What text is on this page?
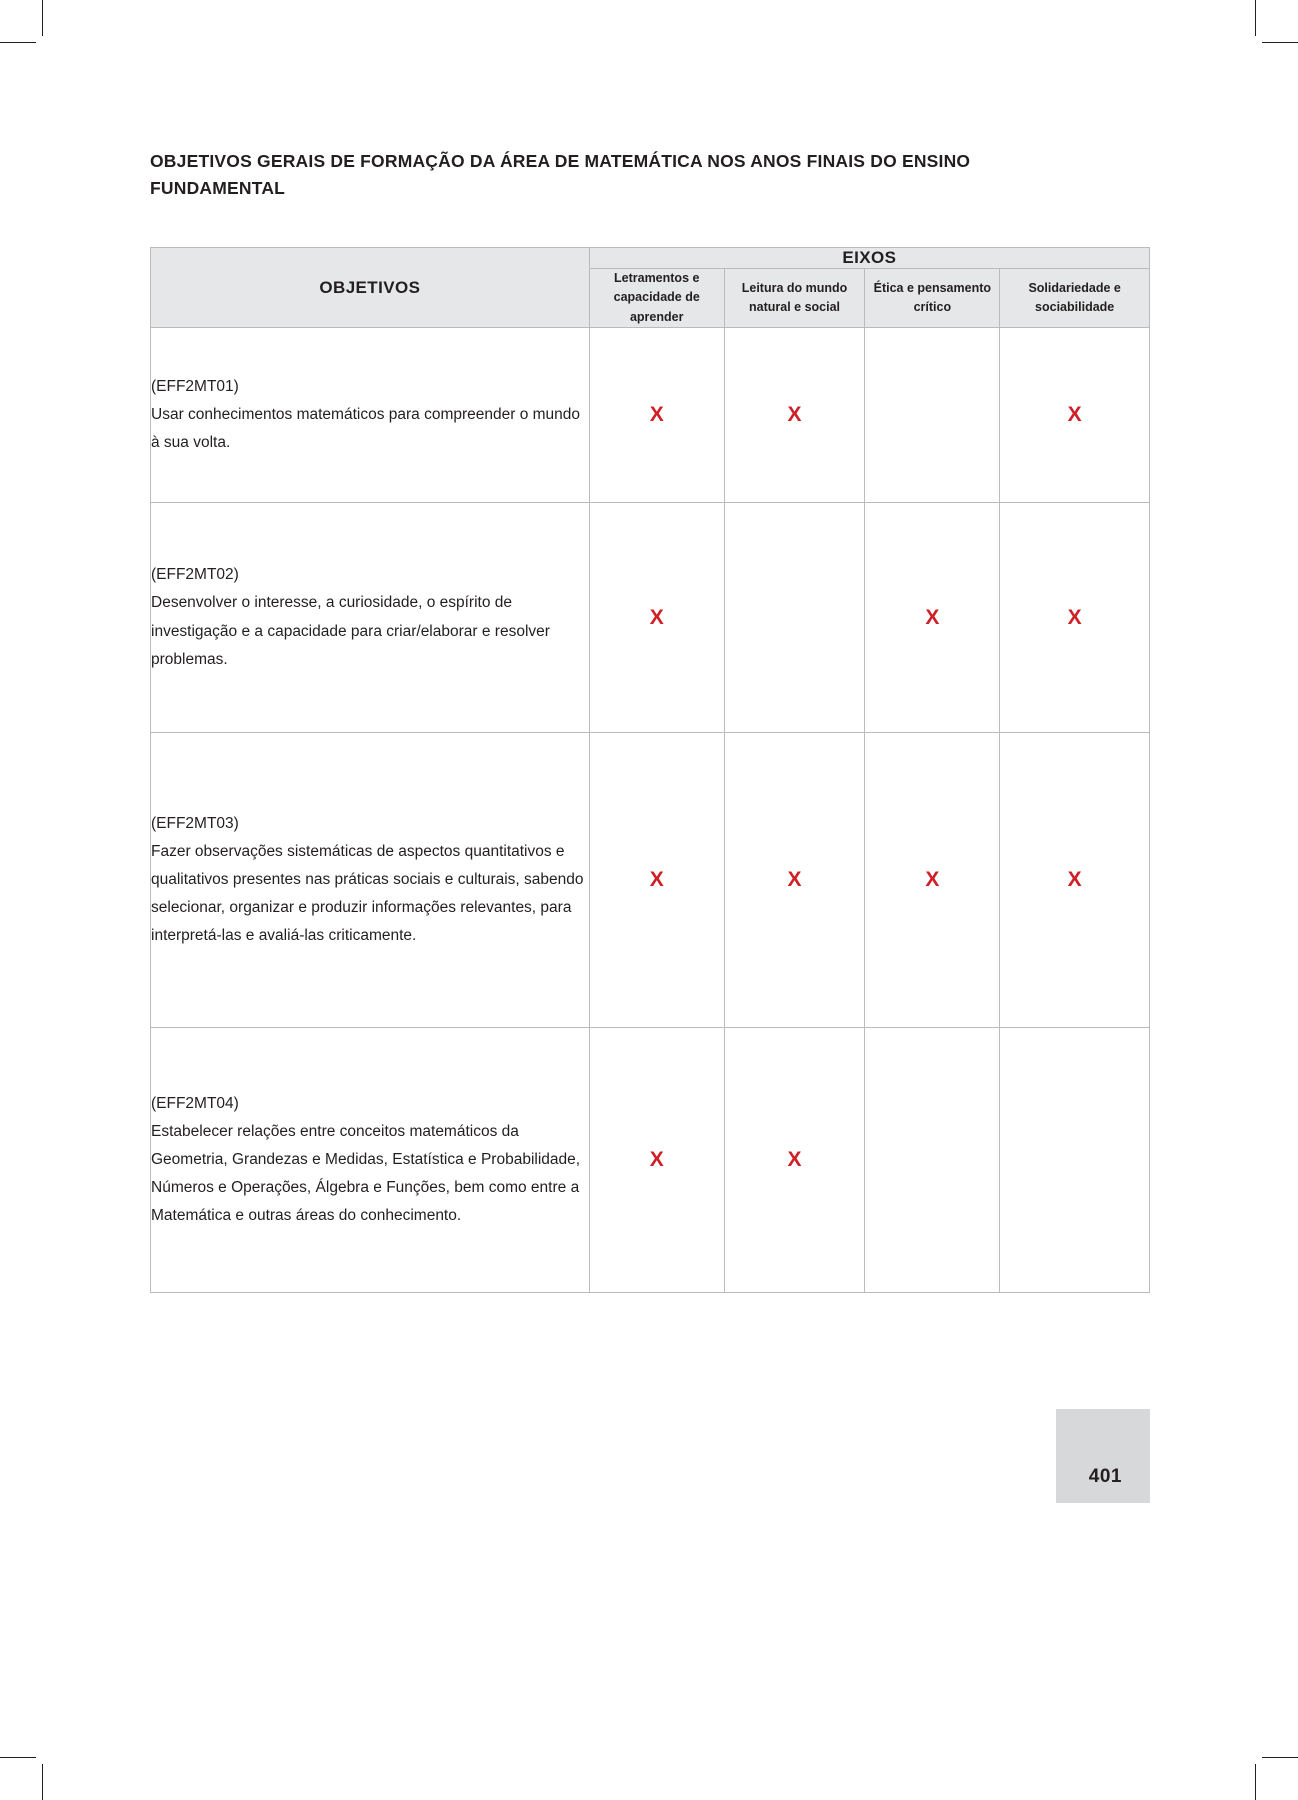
OBJETIVOS GERAIS DE FORMAÇÃO DA ÁREA DE MATEMÁTICA NOS ANOS FINAIS DO ENSINO FUNDAMENTAL
OBJETIVOS	EIXOS			
	Letramentos e capacidade de aprender	Leitura do mundo natural e social	Ética e pensamento crítico	Solidariedade e sociabilidade

(EFF2MT01)
Usar conhecimentos matemáticos para compreender o mundo à sua volta.	X	X		X

(EFF2MT02)
Desenvolver o interesse, a curiosidade, o espírito de investigação e a capacidade para criar/elaborar e resolver problemas.	X		X	X

(EFF2MT03)
Fazer observações sistemáticas de aspectos quantitativos e qualitativos presentes nas práticas sociais e culturais, sabendo selecionar, organizar e produzir informações relevantes, para interpretá-las e avaliá-las criticamente.	X	X	X	X

(EFF2MT04)
Estabelecer relações entre conceitos matemáticos da Geometria, Grandezas e Medidas, Estatística e Probabilidade, Números e Operações, Álgebra e Funções, bem como entre a Matemática e outras áreas do conhecimento.	X	X		
401
